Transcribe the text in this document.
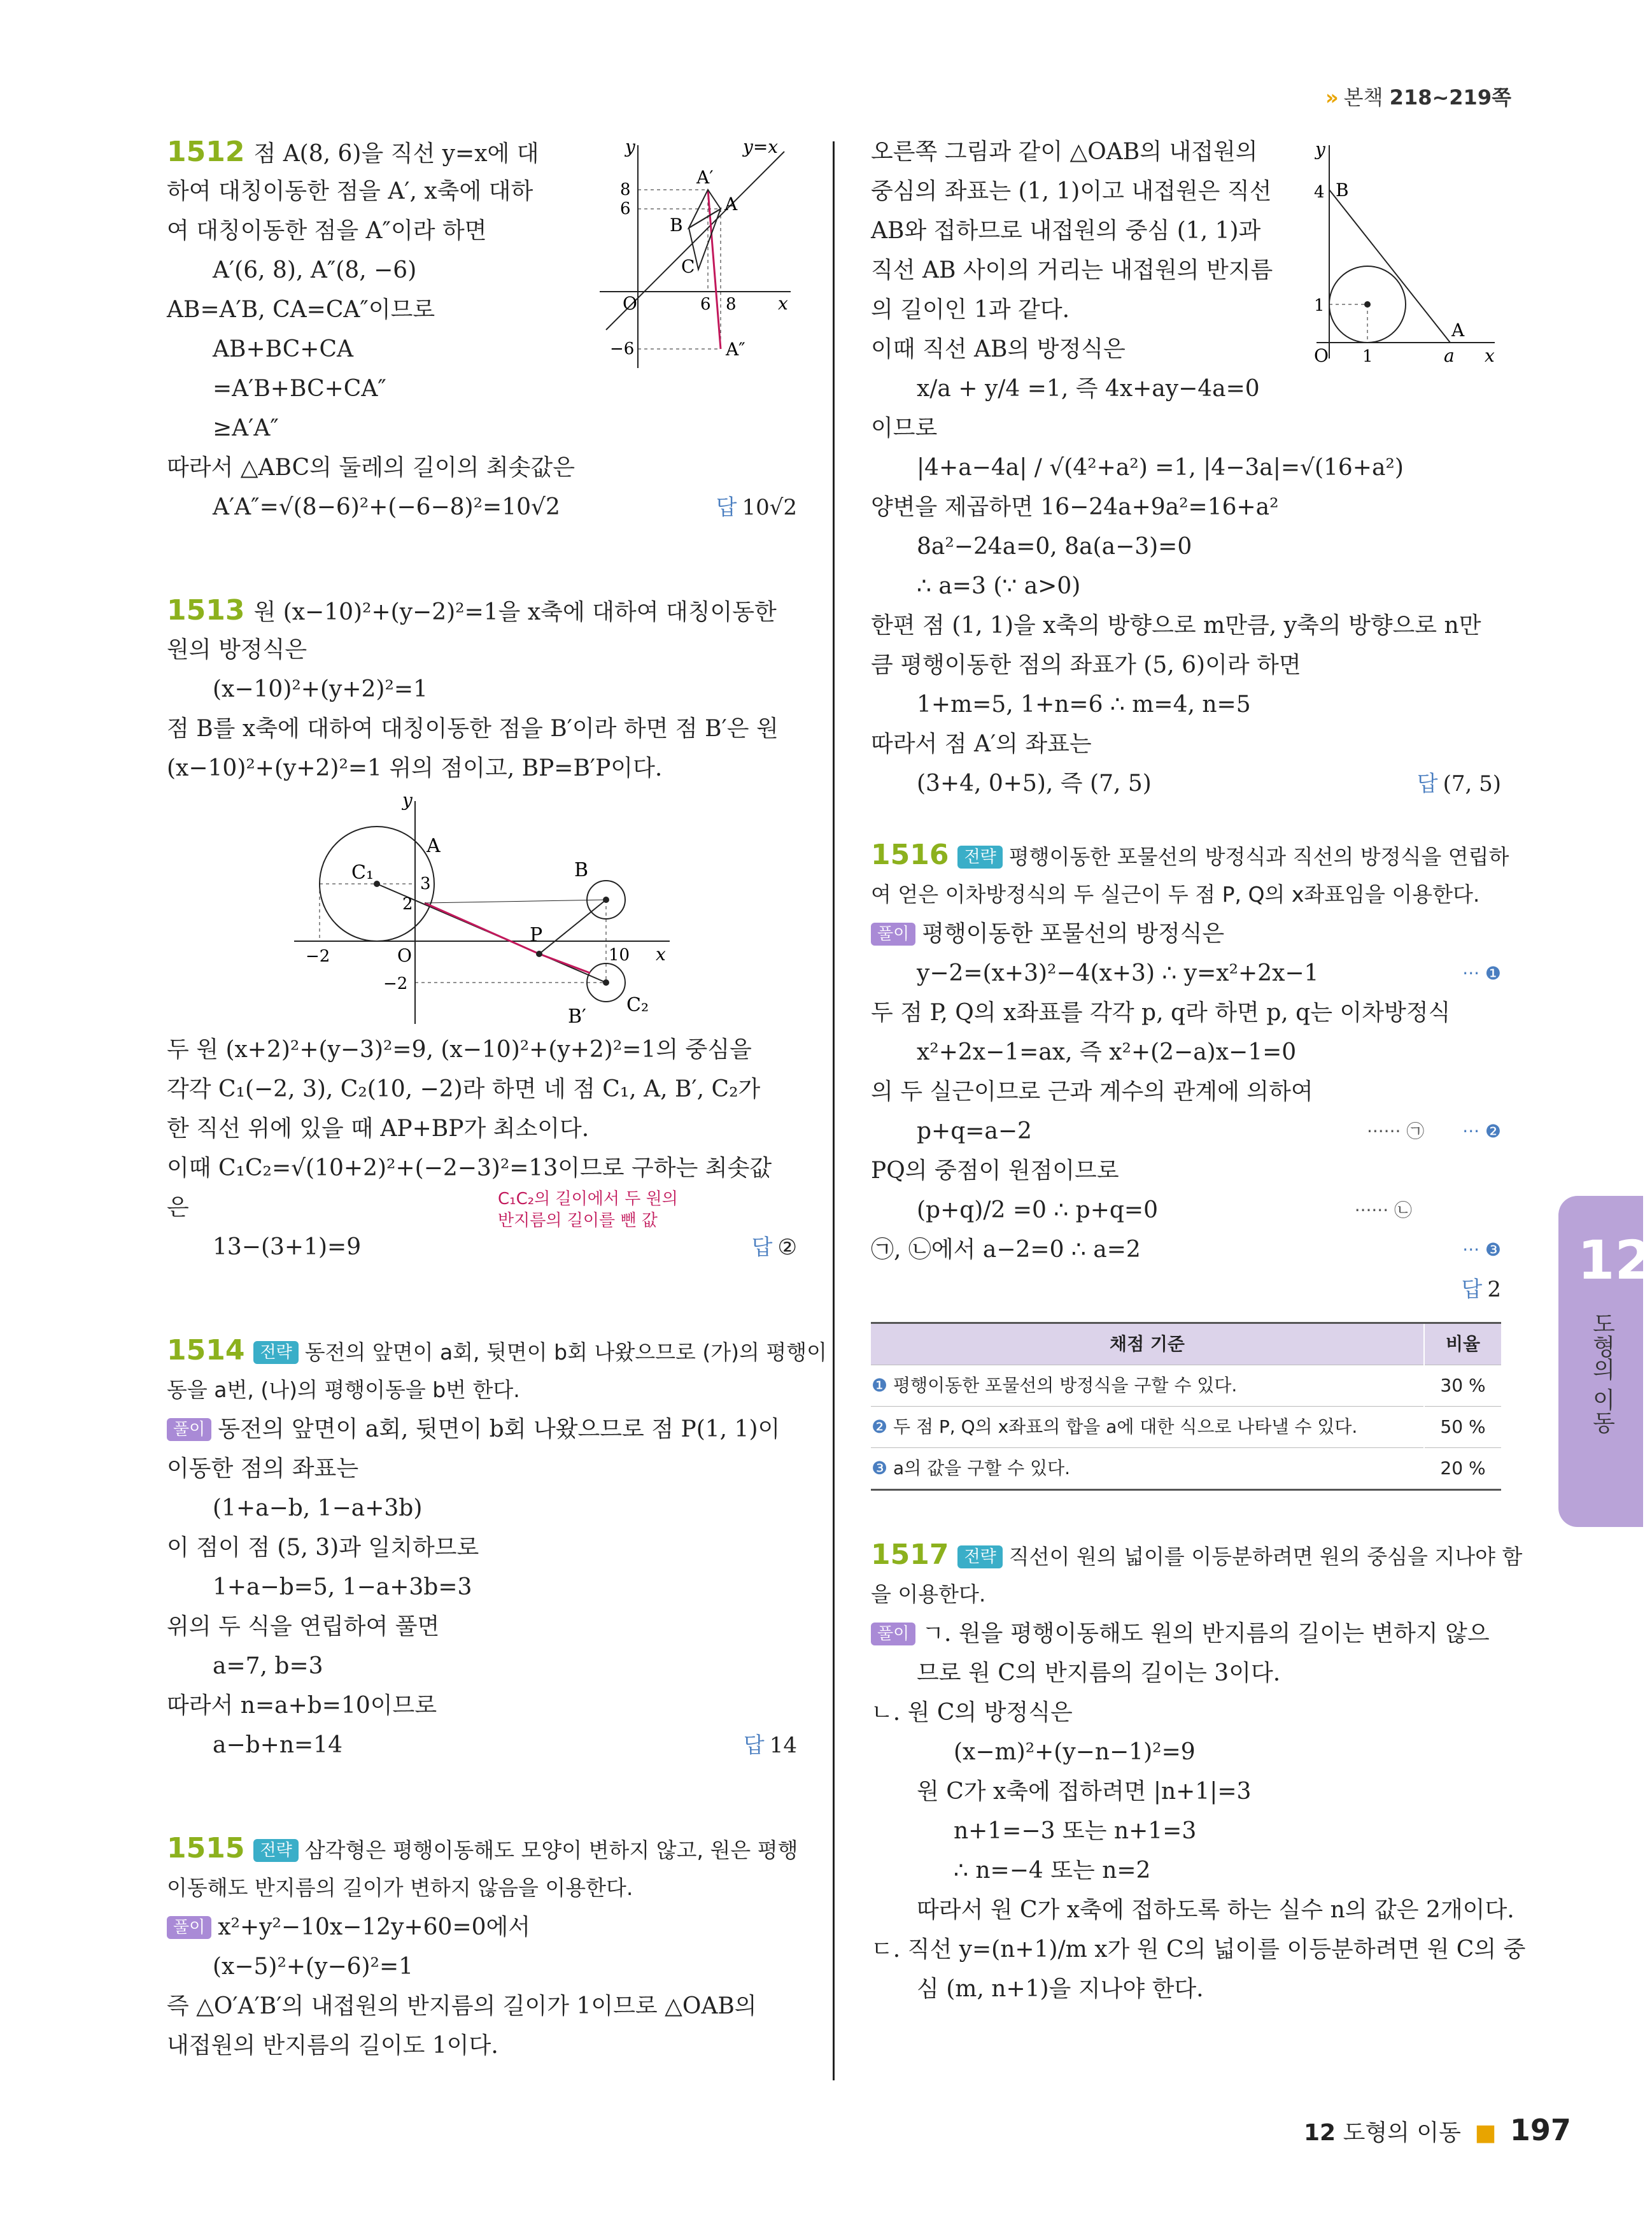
» 본책 218~219쪽
1512 점 A(8, 6)을 직선 y=x에 대
하여 대칭이동한 점을 A′, x축에 대하
여 대칭이동한 점을 A″이라 하면
A′(6, 8), A″(8, −6)
AB=A′B, CA=CA″이므로
AB+BC+CA
=A′B+BC+CA″
≥A′A″
따라서 △ABC의 둘레의 길이의 최솟값은
A′A″=√(8−6)²+(−6−8)²=10√2	답 10√2
y	y=x
A′
A
B
C
A″
O	x
8
6
6 8
−6
1513 원 (x−10)²+(y−2)²=1을 x축에 대하여 대칭이동한
원의 방정식은
(x−10)²+(y+2)²=1
점 B를 x축에 대하여 대칭이동한 점을 B′이라 하면 점 B′은 원
(x−10)²+(y+2)²=1 위의 점이고, BP=B′P이다.
y
A
C₁	B
P
3
2
−2	O	10 x
−2
B′
C₂
두 원 (x+2)²+(y−3)²=9, (x−10)²+(y+2)²=1의 중심을
각각 C₁(−2, 3), C₂(10, −2)라 하면 네 점 C₁, A, B′, C₂가
한 직선 위에 있을 때 AP+BP가 최소이다.
이때 C₁C₂=√(10+2)²+(−2−3)²=13이므로 구하는 최솟값
은	C₁C₂의 길이에서 두 원의
반지름의 길이를 뺀 값
13−(3+1)=9	답 ②
1514 전략 동전의 앞면이 a회, 뒷면이 b회 나왔으므로 (가)의 평행이
동을 a번, (나)의 평행이동을 b번 한다.
풀이 동전의 앞면이 a회, 뒷면이 b회 나왔으므로 점 P(1, 1)이
이동한 점의 좌표는
(1+a−b, 1−a+3b)
이 점이 점 (5, 3)과 일치하므로
1+a−b=5, 1−a+3b=3
위의 두 식을 연립하여 풀면
a=7, b=3
따라서 n=a+b=10이므로
a−b+n=14	답 14
1515 전략 삼각형은 평행이동해도 모양이 변하지 않고, 원은 평행
이동해도 반지름의 길이가 변하지 않음을 이용한다.
풀이 x²+y²−10x−12y+60=0에서
(x−5)²+(y−6)²=1
즉 △O′A′B′의 내접원의 반지름의 길이가 1이므로 △OAB의
내접원의 반지름의 길이도 1이다.
오른쪽 그림과 같이 △OAB의 내접원의
중심의 좌표는 (1, 1)이고 내접원은 직선
AB와 접하므로 내접원의 중심 (1, 1)과
직선 AB 사이의 거리는 내접원의 반지름
의 길이인 1과 같다.
이때 직선 AB의 방정식은
x/a + y/4 =1, 즉 4x+ay−4a=0
이므로
|4+a−4a| / √(4²+a²) =1, |4−3a|=√(16+a²)
양변을 제곱하면 16−24a+9a²=16+a²
8a²−24a=0, 8a(a−3)=0
∴ a=3 (∵ a>0)
한편 점 (1, 1)을 x축의 방향으로 m만큼, y축의 방향으로 n만
큼 평행이동한 점의 좌표가 (5, 6)이라 하면
1+m=5, 1+n=6 ∴ m=4, n=5
따라서 점 A′의 좌표는
(3+4, 0+5), 즉 (7, 5)	답 (7, 5)
y
B
4
1
O 1	a
A
x
1516 전략 평행이동한 포물선의 방정식과 직선의 방정식을 연립하
여 얻은 이차방정식의 두 실근이 두 점 P, Q의 x좌표임을 이용한다.
풀이 평행이동한 포물선의 방정식은
y−2=(x+3)²−4(x+3) ∴ y=x²+2x−1	··· ❶
두 점 P, Q의 x좌표를 각각 p, q라 하면 p, q는 이차방정식
x²+2x−1=ax, 즉 x²+(2−a)x−1=0
의 두 실근이므로 근과 계수의 관계에 의하여
p+q=a−2	··· ❷
······ ㉠
PQ의 중점이 원점이므로
(p+q)/2 =0 ∴ p+q=0	······ ㉡
㉠, ㉡에서 a−2=0 ∴ a=2	··· ❸
답 2
채점 기준	비율
❶ 평행이동한 포물선의 방정식을 구할 수 있다.	30 %
❷ 두 점 P, Q의 x좌표의 합을 a에 대한 식으로 나타낼 수 있다.	50 %
❸ a의 값을 구할 수 있다.	20 %
1517 전략 직선이 원의 넓이를 이등분하려면 원의 중심을 지나야 함
을 이용한다.
풀이 ㄱ. 원을 평행이동해도 원의 반지름의 길이는 변하지 않으
므로 원 C의 반지름의 길이는 3이다.
ㄴ. 원 C의 방정식은
(x−m)²+(y−n−1)²=9
원 C가 x축에 접하려면 |n+1|=3
n+1=−3 또는 n+1=3
∴ n=−4 또는 n=2
따라서 원 C가 x축에 접하도록 하는 실수 n의 값은 2개이다.
ㄷ. 직선 y=(n+1)/m x가 원 C의 넓이를 이등분하려면 원 C의 중
심 (m, n+1)을 지나야 한다.
12
도형의 이동
12 도형의 이동 ■ 197
